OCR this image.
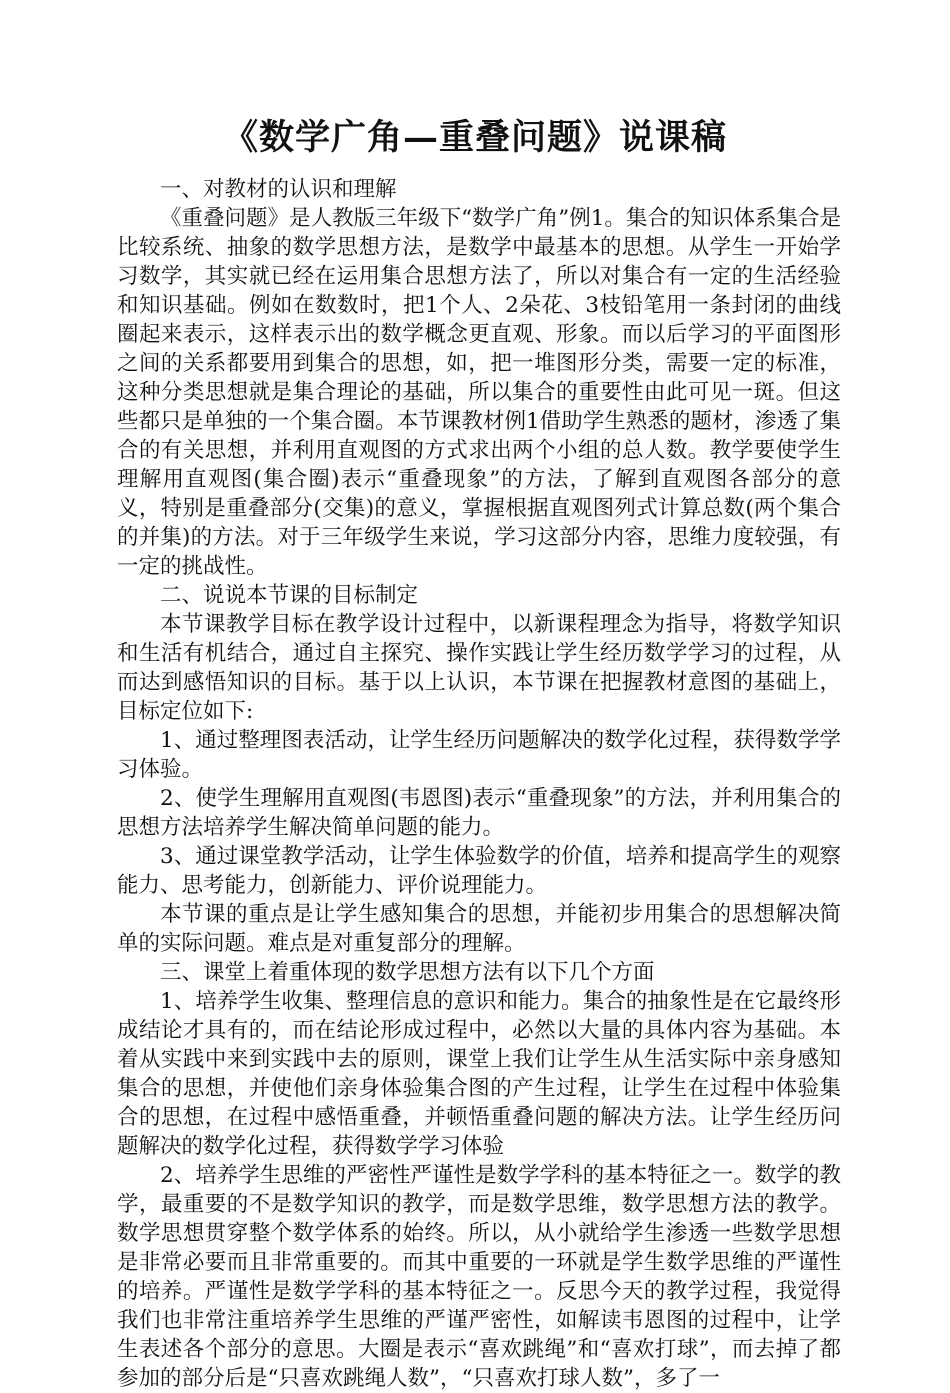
《数学广角—重叠问题》说课稿

一、对教材的认识和理解

《重叠问题》是人教版三年级下“数学广角”例1。集合的知识体系集合是比较系统、抽象的数学思想方法，是数学中最基本的思想。从学生一开始学习数学，其实就已经在运用集合思想方法了，所以对集合有一定的生活经验和知识基础。例如在数数时，把1个人、2朵花、3枝铅笔用一条封闭的曲线圈起来表示，这样表示出的数学概念更直观、形象。而以后学习的平面图形之间的关系都要用到集合的思想，如，把一堆图形分类，需要一定的标准，这种分类思想就是集合理论的基础，所以集合的重要性由此可见一斑。但这些都只是单独的一个集合圈。本节课教材例1借助学生熟悉的题材，渗透了集合的有关思想，并利用直观图的方式求出两个小组的总人数。教学要使学生理解用直观图(集合圈)表示“重叠现象”的方法，了解到直观图各部分的意义，特别是重叠部分(交集)的意义，掌握根据直观图列式计算总数(两个集合的并集)的方法。对于三年级学生来说，学习这部分内容，思维力度较强，有一定的挑战性。

二、说说本节课的目标制定

本节课教学目标在教学设计过程中，以新课程理念为指导，将数学知识和生活有机结合，通过自主探究、操作实践让学生经历数学学习的过程，从而达到感悟知识的目标。基于以上认识，本节课在把握教材意图的基础上，目标定位如下:

1、通过整理图表活动，让学生经历问题解决的数学化过程，获得数学学习体验。

2、使学生理解用直观图(韦恩图)表示“重叠现象”的方法，并利用集合的思想方法培养学生解决简单问题的能力。

3、通过课堂教学活动，让学生体验数学的价值，培养和提高学生的观察能力、思考能力，创新能力、评价说理能力。

本节课的重点是让学生感知集合的思想，并能初步用集合的思想解决简单的实际问题。难点是对重复部分的理解。

三、课堂上着重体现的数学思想方法有以下几个方面

1、培养学生收集、整理信息的意识和能力。集合的抽象性是在它最终形成结论才具有的，而在结论形成过程中，必然以大量的具体内容为基础。本着从实践中来到实践中去的原则，课堂上我们让学生从生活实际中亲身感知集合的思想，并使他们亲身体验集合图的产生过程，让学生在过程中体验集合的思想，在过程中感悟重叠，并顿悟重叠问题的解决方法。让学生经历问题解决的数学化过程，获得数学学习体验

2、培养学生思维的严密性严谨性是数学学科的基本特征之一。数学的教学，最重要的不是数学知识的教学，而是数学思维，数学思想方法的教学。数学思想贯穿整个数学体系的始终。所以，从小就给学生渗透一些数学思想是非常必要而且非常重要的。而其中重要的一环就是学生数学思维的严谨性的培养。严谨性是数学学科的基本特征之一。反思今天的教学过程，我觉得我们也非常注重培养学生思维的严谨严密性，如解读韦恩图的过程中，让学生表述各个部分的意思。大圈是表示“喜欢跳绳”和“喜欢打球”，而去掉了都参加的部分后是“只喜欢跳绳人数”，“只喜欢打球人数”，多了一
